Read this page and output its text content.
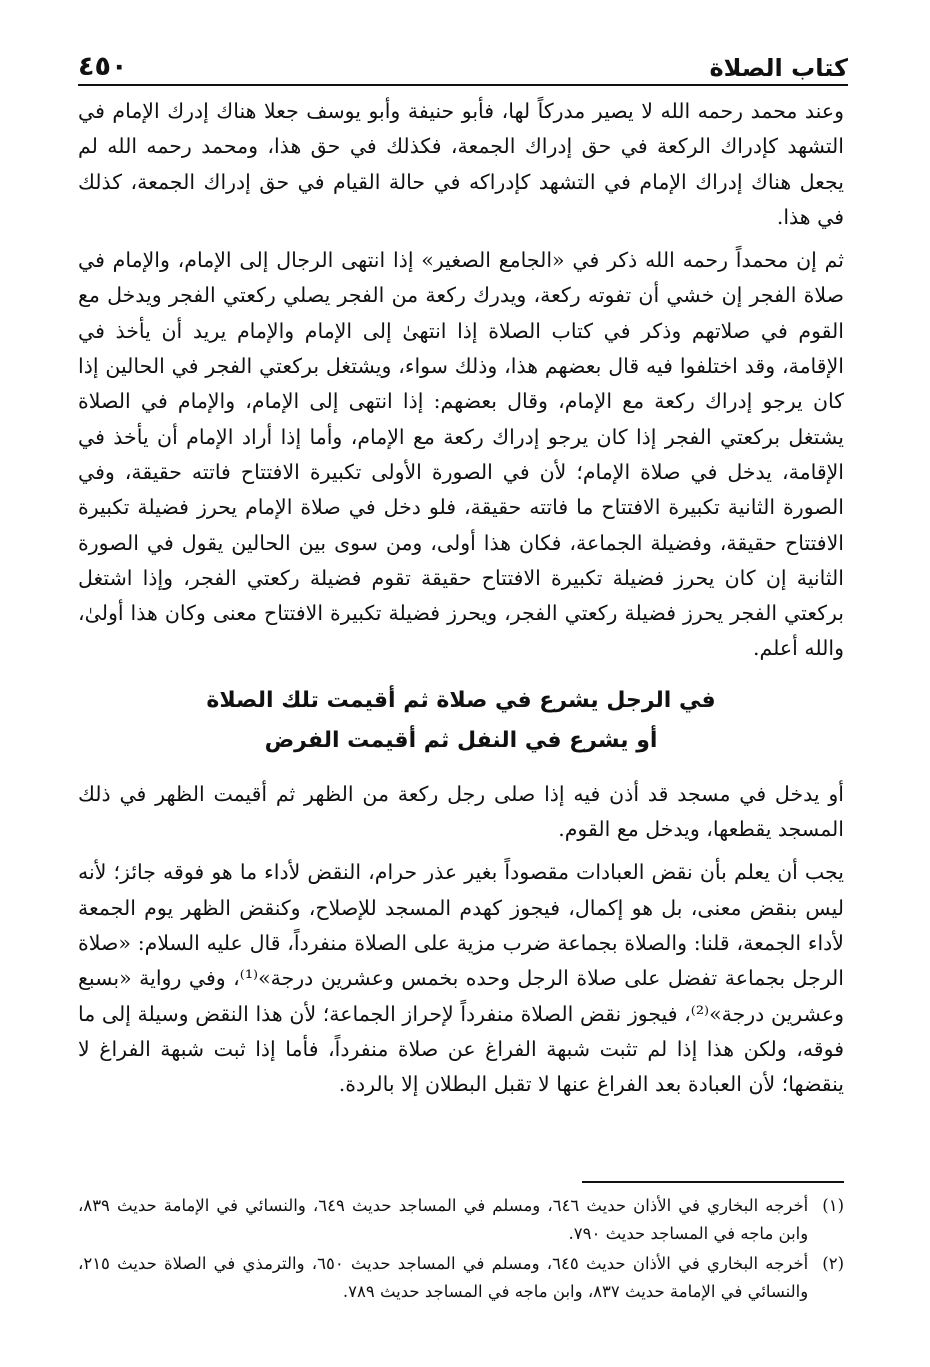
كتاب الصلاة
٤٥٠

وعند محمد رحمه الله لا يصير مدركاً لها، فأبو حنيفة وأبو يوسف جعلا هناك إدرك الإمام في التشهد كإدراك الركعة في حق إدراك الجمعة، فكذلك في حق هذا، ومحمد رحمه الله لم يجعل هناك إدراك الإمام في التشهد كإدراكه في حالة القيام في حق إدراك الجمعة، كذلك في هذا.

ثم إن محمداً رحمه الله ذكر في «الجامع الصغير» إذا انتهى الرجال إلى الإمام، والإمام في صلاة الفجر إن خشي أن تفوته ركعة، ويدرك ركعة من الفجر يصلي ركعتي الفجر ويدخل مع القوم في صلاتهم وذكر في كتاب الصلاة إذا انتهىٰ إلى الإمام والإمام يريد أن يأخذ في الإقامة، وقد اختلفوا فيه قال بعضهم هذا، وذلك سواء، ويشتغل بركعتي الفجر في الحالين إذا كان يرجو إدراك ركعة مع الإمام، وقال بعضهم: إذا انتهى إلى الإمام، والإمام في الصلاة يشتغل بركعتي الفجر إذا كان يرجو إدراك ركعة مع الإمام، وأما إذا أراد الإمام أن يأخذ في الإقامة، يدخل في صلاة الإمام؛ لأن في الصورة الأولى تكبيرة الافتتاح فاتته حقيقة، وفي الصورة الثانية تكبيرة الافتتاح ما فاتته حقيقة، فلو دخل في صلاة الإمام يحرز فضيلة تكبيرة الافتتاح حقيقة، وفضيلة الجماعة، فكان هذا أولى، ومن سوى بين الحالين يقول في الصورة الثانية إن كان يحرز فضيلة تكبيرة الافتتاح حقيقة تقوم فضيلة ركعتي الفجر، وإذا اشتغل بركعتي الفجر يحرز فضيلة ركعتي الفجر، ويحرز فضيلة تكبيرة الافتتاح معنى وكان هذا أولىٰ، والله أعلم.

في الرجل يشرع في صلاة ثم أقيمت تلك الصلاة

أو يشرع في النفل ثم أقيمت الفرض

أو يدخل في مسجد قد أذن فيه إذا صلى رجل ركعة من الظهر ثم أقيمت الظهر في ذلك المسجد يقطعها، ويدخل مع القوم.

يجب أن يعلم بأن نقض العبادات مقصوداً بغير عذر حرام، النقض لأداء ما هو فوقه جائز؛ لأنه ليس بنقض معنى، بل هو إكمال، فيجوز كهدم المسجد للإصلاح، وكنقض الظهر يوم الجمعة لأداء الجمعة، قلنا: والصلاة بجماعة ضرب مزية على الصلاة منفرداً، قال عليه السلام: «صلاة الرجل بجماعة تفضل على صلاة الرجل وحده بخمس وعشرين درجة»⁽¹⁾، وفي رواية «بسبع وعشرين درجة»⁽²⁾، فيجوز نقض الصلاة منفرداً لإحراز الجماعة؛ لأن هذا النقض وسيلة إلى ما فوقه، ولكن هذا إذا لم تثبت شبهة الفراغ عن صلاة منفرداً، فأما إذا ثبت شبهة الفراغ لا ينقضها؛ لأن العبادة بعد الفراغ عنها لا تقبل البطلان إلا بالردة.

(١)
أخرجه البخاري في الأذان حديث ٦٤٦، ومسلم في المساجد حديث ٦٤٩، والنسائي في الإمامة حديث ٨٣٩، وابن ماجه في المساجد حديث ٧٩٠.
(٢)
أخرجه البخاري في الأذان حديث ٦٤٥، ومسلم في المساجد حديث ٦٥٠، والترمذي في الصلاة حديث ٢١٥، والنسائي في الإمامة حديث ٨٣٧، وابن ماجه في المساجد حديث ٧٨٩.
